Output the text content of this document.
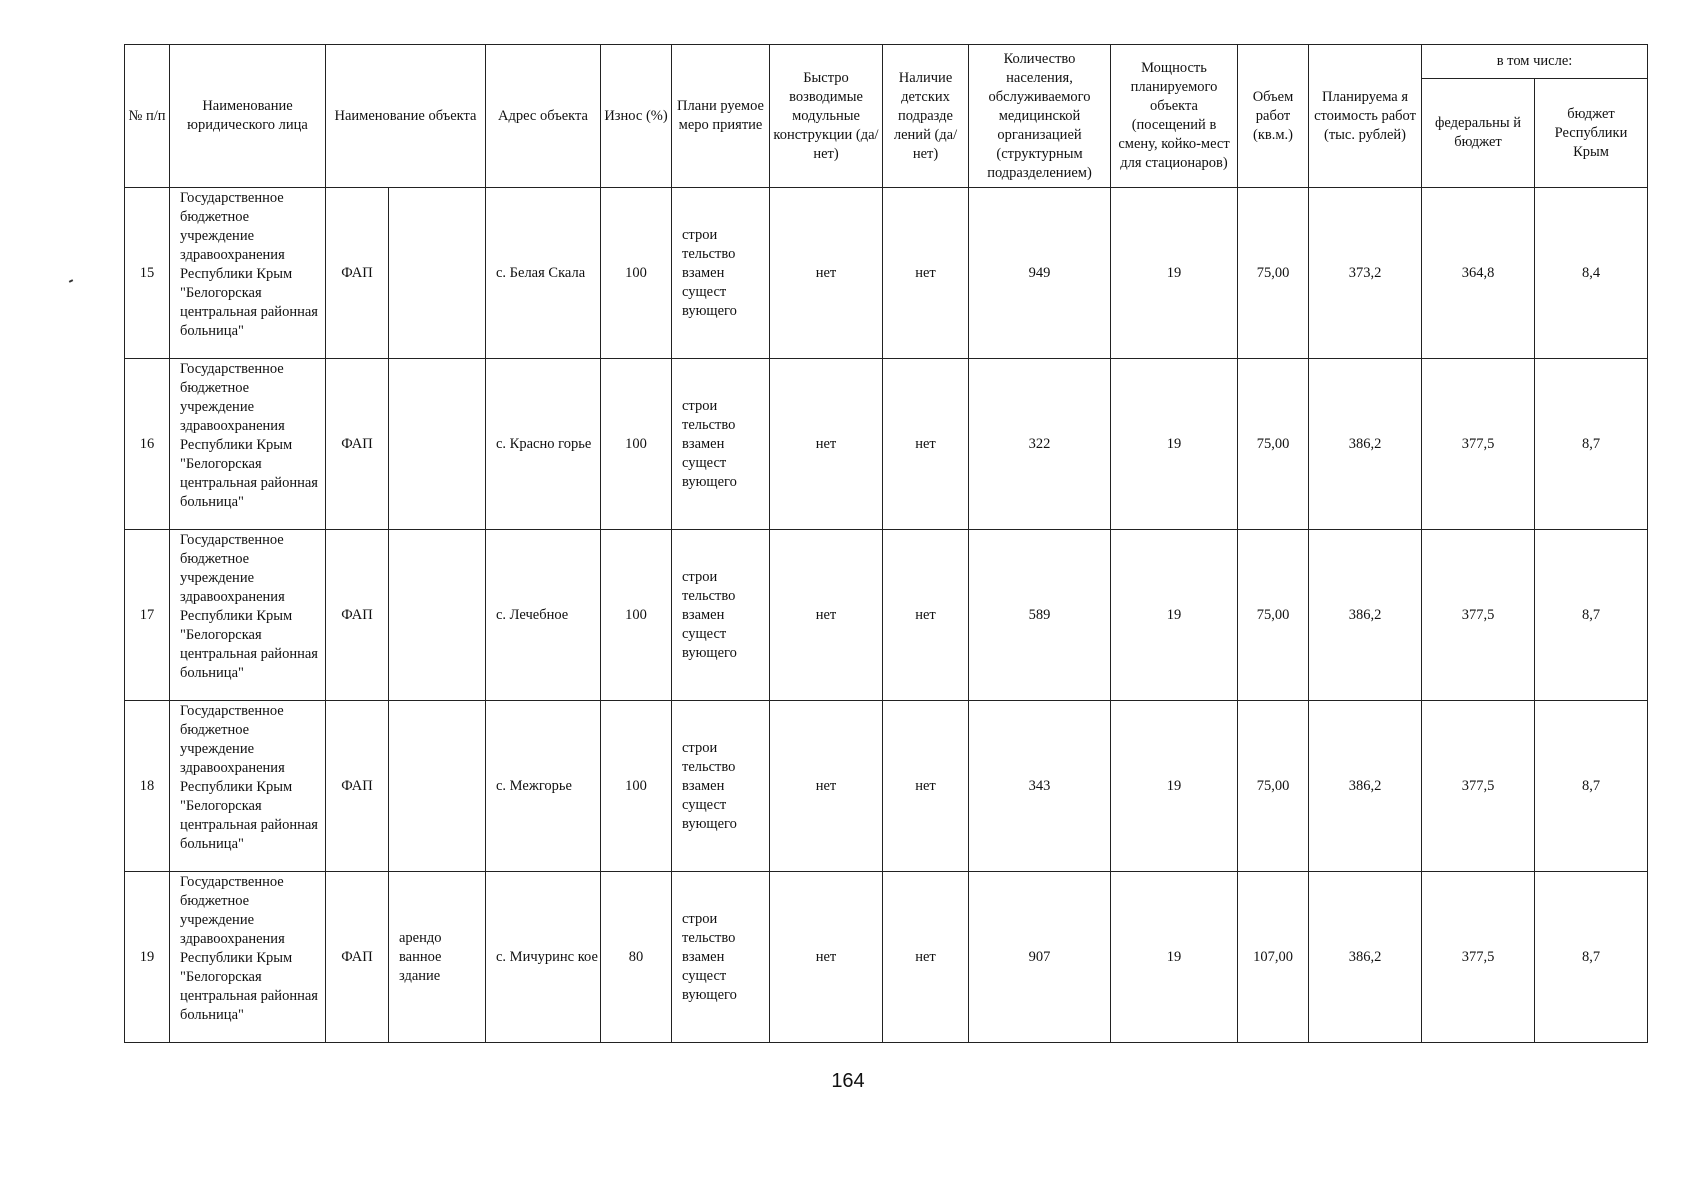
№ п/п	Наименование юридического лица	Наименование объекта		Адрес объекта	Износ (%)	Плани руемое меро приятие	Быстро возводимые модульные конструкции (да/нет)	Наличие детских подразде лений (да/нет)	Количество населения, обслуживаемого медицинской организацией (структурным подразделением)	Мощность планируемого объекта (посещений в смену, койко-мест для стационаров)	Объем работ (кв.м.)	Планируема я стоимость работ (тыс. рублей)	в том числе:	
													федеральны й бюджет	бюджет Республики Крым
15	Государственное бюджетное учреждение здравоохранения Республики Крым "Белогорская центральная районная больница"	ФАП		с. Белая Скала	100	строи тельство взамен сущест вующего	нет	нет	949	19	75,00	373,2	364,8	8,4
16	Государственное бюджетное учреждение здравоохранения Республики Крым "Белогорская центральная районная больница"	ФАП		с. Красно горье	100	строи тельство взамен сущест вующего	нет	нет	322	19	75,00	386,2	377,5	8,7
17	Государственное бюджетное учреждение здравоохранения Республики Крым "Белогорская центральная районная больница"	ФАП		с. Лечебное	100	строи тельство взамен сущест вующего	нет	нет	589	19	75,00	386,2	377,5	8,7
18	Государственное бюджетное учреждение здравоохранения Республики Крым "Белогорская центральная районная больница"	ФАП		с. Межгорье	100	строи тельство взамен сущест вующего	нет	нет	343	19	75,00	386,2	377,5	8,7
19	Государственное бюджетное учреждение здравоохранения Республики Крым "Белогорская центральная районная больница"	ФАП	арендо ванное здание	с. Мичуринс кое	80	строи тельство взамен сущест вующего	нет	нет	907	19	107,00	386,2	377,5	8,7
164
